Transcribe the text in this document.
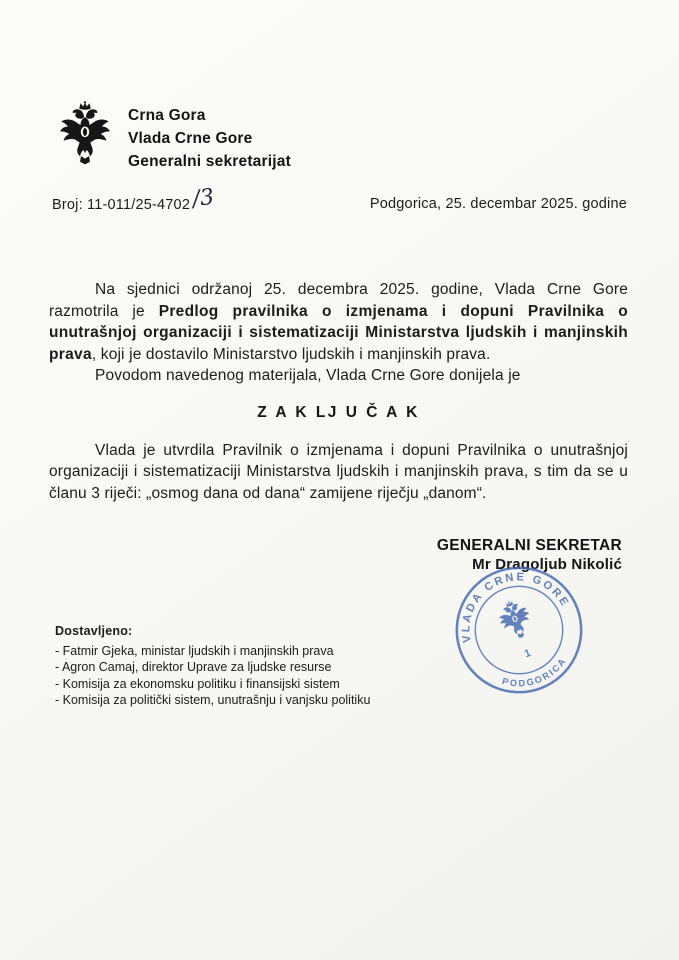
Crna Gora
Vlada Crne Gore
Generalni sekretarijat
Broj: 11-011/25-4702/3	Podgorica, 25. decembar 2025. godine

Na sjednici održanoj 25. decembra 2025. godine, Vlada Crne Gore razmotrila je Predlog pravilnika o izmjenama i dopuni Pravilnika o unutrašnjoj organizaciji i sistematizaciji Ministarstva ljudskih i manjinskih prava, koji je dostavilo Ministarstvo ljudskih i manjinskih prava.

Povodom navedenog materijala, Vlada Crne Gore donijela je

Z A K LJ U Č A K

Vlada je utvrdila Pravilnik o izmjenama i dopuni Pravilnika o unutrašnjoj organizaciji i sistematizaciji Ministarstva ljudskih i manjinskih prava, s tim da se u članu 3 riječi: „osmog dana od dana“ zamijene riječju „danom“.

GENERALNI SEKRETAR
Mr Dragoljub Nikolić
VLADA CRNE GORE
PODGORICA
1
Dostavljeno:
- Fatmir Gjeka, ministar ljudskih i manjinskih prava
- Agron Camaj, direktor Uprave za ljudske resurse
- Komisija za ekonomsku politiku i finansijski sistem
- Komisija za politički sistem, unutrašnju i vanjsku politiku
